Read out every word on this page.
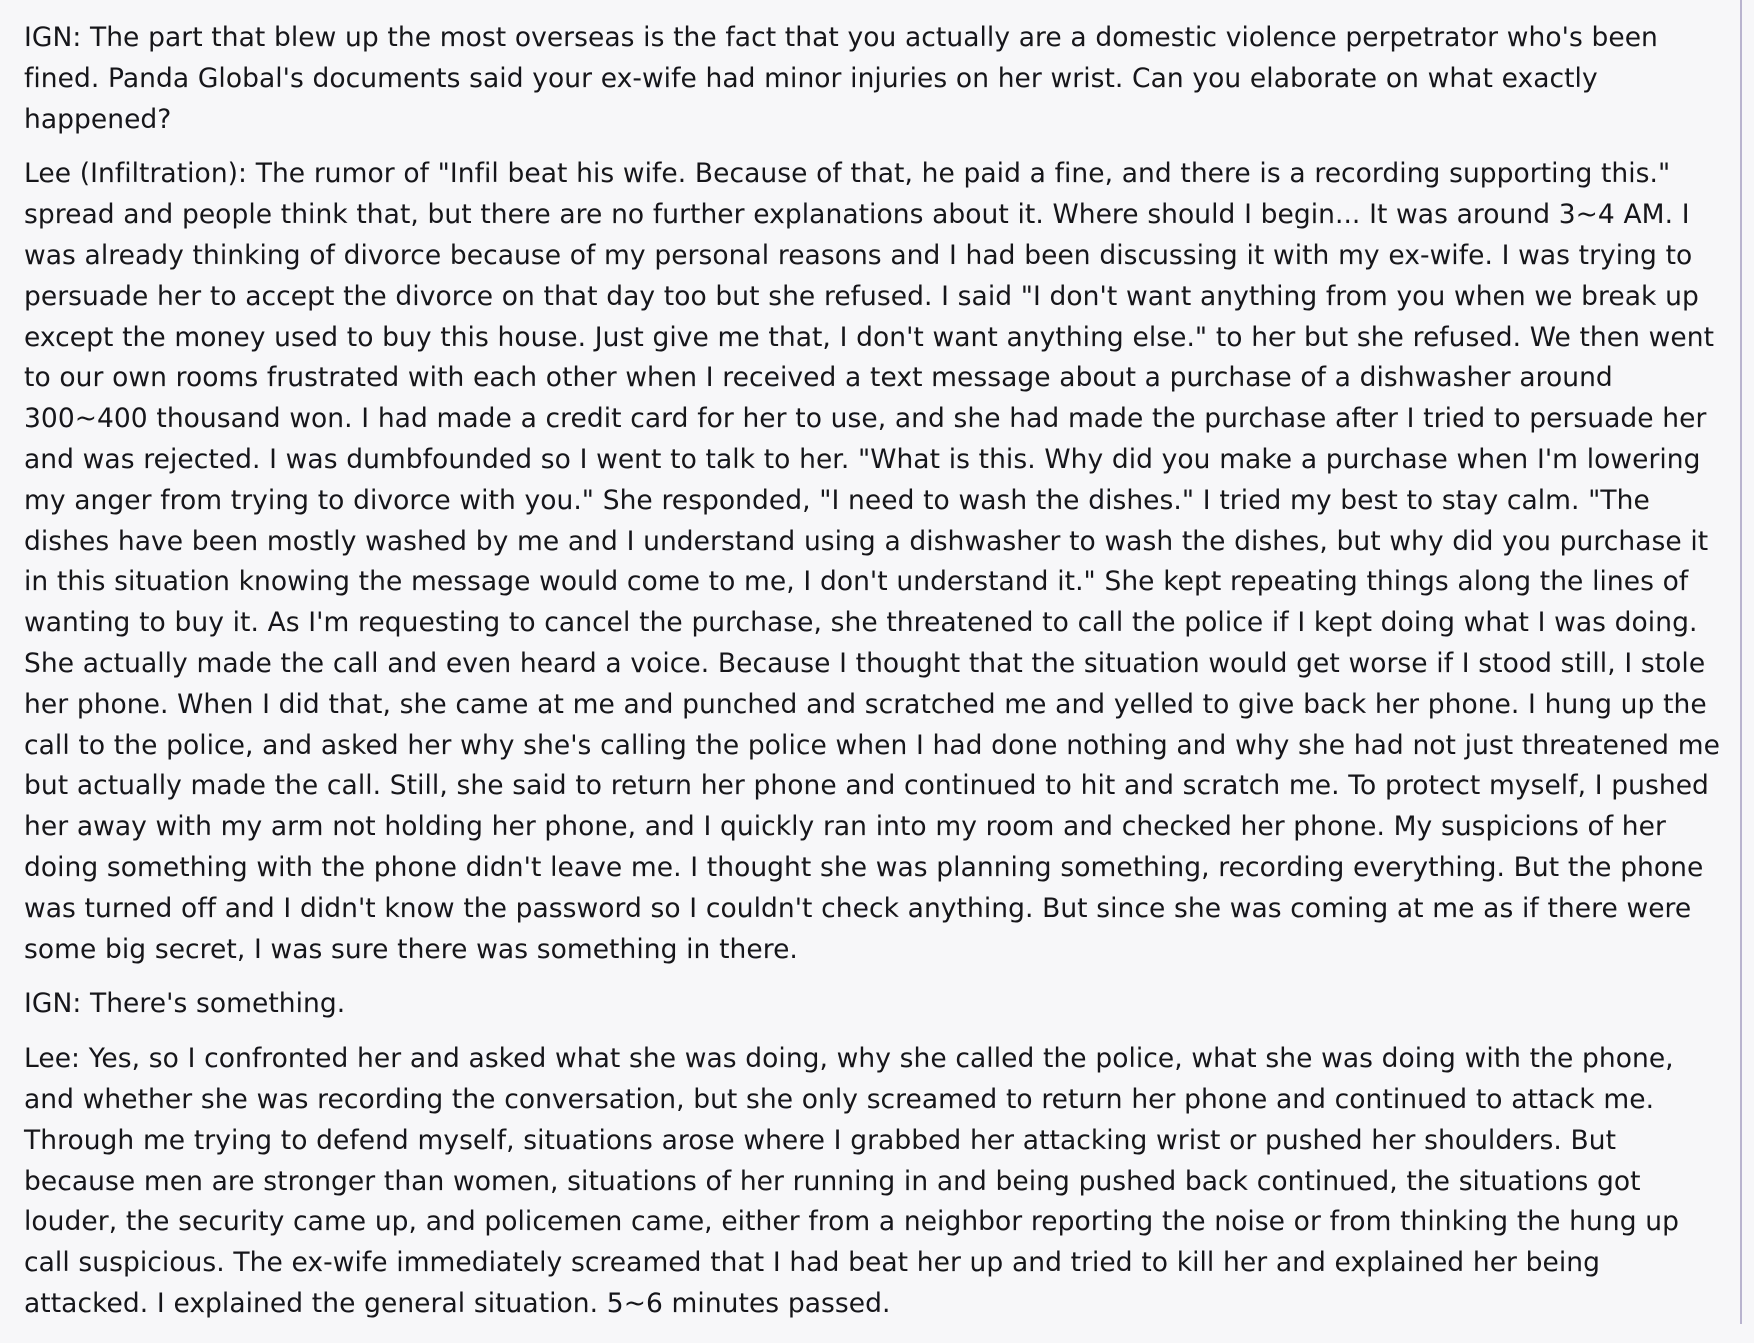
IGN: The part that blew up the most overseas is the fact that you actually are a domestic violence perpetrator who's been fined. Panda Global's documents said your ex-wife had minor injuries on her wrist. Can you elaborate on what exactly happened?

Lee (Infiltration): The rumor of "Infil beat his wife. Because of that, he paid a fine, and there is a recording supporting this." spread and people think that, but there are no further explanations about it. Where should I begin... It was around 3~4 AM. I was already thinking of divorce because of my personal reasons and I had been discussing it with my ex-wife. I was trying to persuade her to accept the divorce on that day too but she refused. I said "I don't want anything from you when we break up except the money used to buy this house. Just give me that, I don't want anything else." to her but she refused. We then went to our own rooms frustrated with each other when I received a text message about a purchase of a dishwasher around 300~400 thousand won. I had made a credit card for her to use, and she had made the purchase after I tried to persuade her and was rejected. I was dumbfounded so I went to talk to her. "What is this. Why did you make a purchase when I'm lowering my anger from trying to divorce with you." She responded, "I need to wash the dishes." I tried my best to stay calm. "The dishes have been mostly washed by me and I understand using a dishwasher to wash the dishes, but why did you purchase it in this situation knowing the message would come to me, I don't understand it." She kept repeating things along the lines of wanting to buy it. As I'm requesting to cancel the purchase, she threatened to call the police if I kept doing what I was doing. She actually made the call and even heard a voice. Because I thought that the situation would get worse if I stood still, I stole her phone. When I did that, she came at me and punched and scratched me and yelled to give back her phone. I hung up the call to the police, and asked her why she's calling the police when I had done nothing and why she had not just threatened me but actually made the call. Still, she said to return her phone and continued to hit and scratch me. To protect myself, I pushed her away with my arm not holding her phone, and I quickly ran into my room and checked her phone. My suspicions of her doing something with the phone didn't leave me. I thought she was planning something, recording everything. But the phone was turned off and I didn't know the password so I couldn't check anything. But since she was coming at me as if there were some big secret, I was sure there was something in there.

IGN: There's something.

Lee: Yes, so I confronted her and asked what she was doing, why she called the police, what she was doing with the phone, and whether she was recording the conversation, but she only screamed to return her phone and continued to attack me. Through me trying to defend myself, situations arose where I grabbed her attacking wrist or pushed her shoulders. But because men are stronger than women, situations of her running in and being pushed back continued, the situations got louder, the security came up, and policemen came, either from a neighbor reporting the noise or from thinking the hung up call suspicious. The ex-wife immediately screamed that I had beat her up and tried to kill her and explained her being attacked. I explained the general situation. 5~6 minutes passed.
